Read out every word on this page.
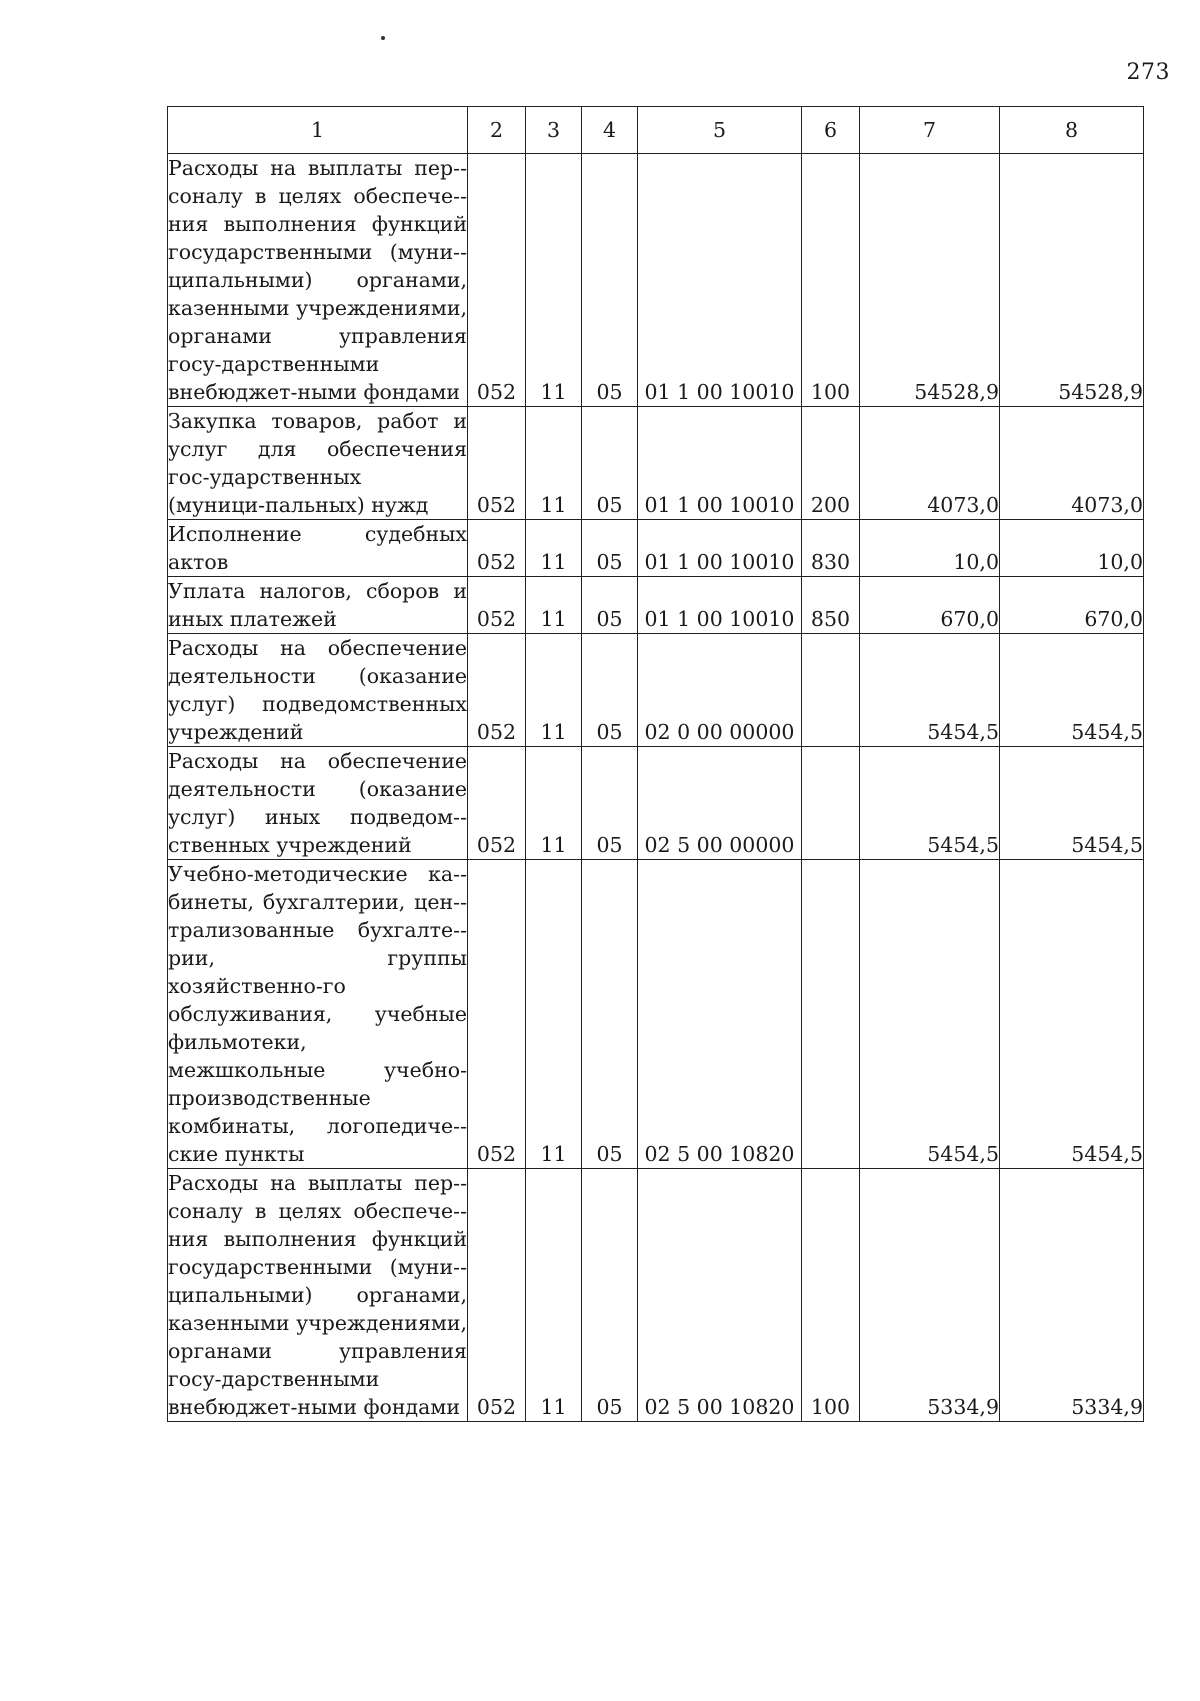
273
1	2	3	4	5	6	7	8
Расходы на выплаты пер-соналу в целях обеспече-ния выполнения функций государственными (муни-ципальными) органами, казенными учреждениями, органами управления госу-дарственными внебюджет-ными фондами	052	11	05	01 1 00 10010	100	54528,9	54528,9
Закупка товаров, работ и услуг для обеспечения гос-ударственных (муници-пальных) нужд	052	11	05	01 1 00 10010	200	4073,0	4073,0
Исполнение судебных актов	052	11	05	01 1 00 10010	830	10,0	10,0
Уплата налогов, сборов и иных платежей	052	11	05	01 1 00 10010	850	670,0	670,0
Расходы на обеспечение деятельности (оказание услуг) подведомственных учреждений	052	11	05	02 0 00 00000		5454,5	5454,5
Расходы на обеспечение деятельности (оказание услуг) иных подведом-ственных учреждений	052	11	05	02 5 00 00000		5454,5	5454,5
Учебно-методические ка-бинеты, бухгалтерии, цен-трализованные бухгалте-рии, группы хозяйственно-го обслуживания, учебные фильмотеки, межшкольные учебно-производственные комбинаты, логопедиче-ские пункты	052	11	05	02 5 00 10820		5454,5	5454,5
Расходы на выплаты пер-соналу в целях обеспече-ния выполнения функций государственными (муни-ципальными) органами, казенными учреждениями, органами управления госу-дарственными внебюджет-ными фондами	052	11	05	02 5 00 10820	100	5334,9	5334,9
